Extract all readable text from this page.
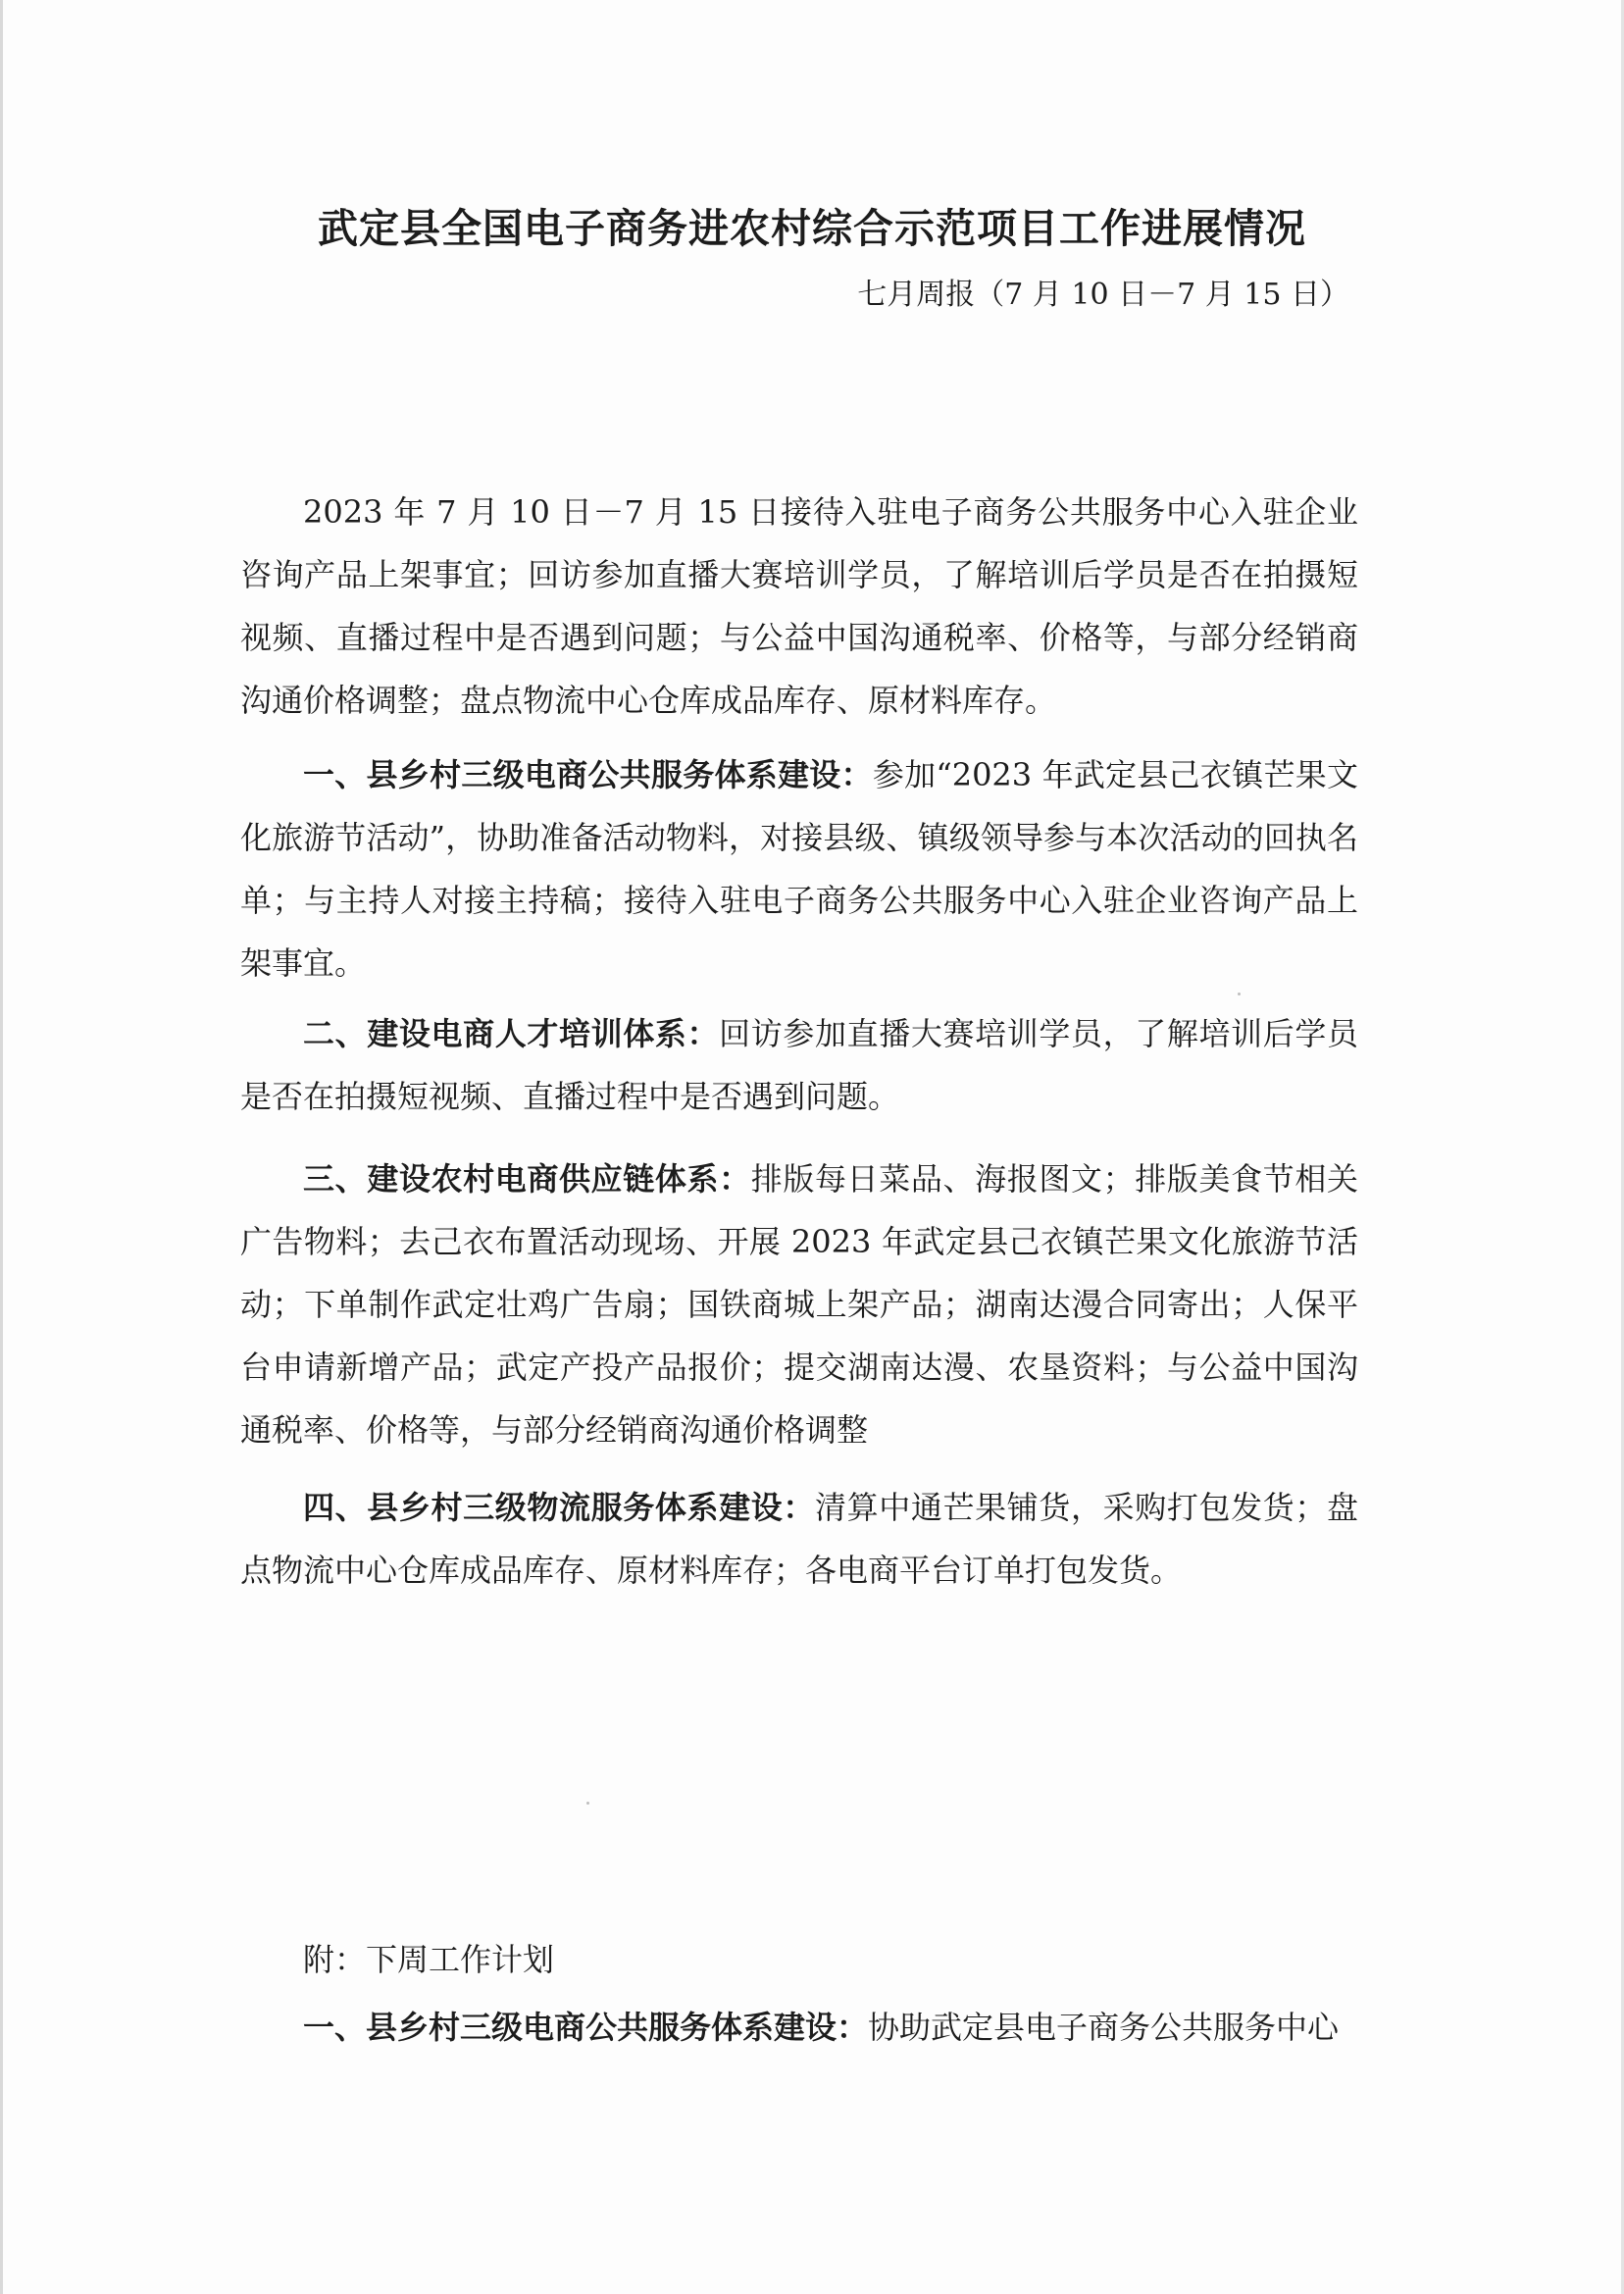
武定县全国电子商务进农村综合示范项目工作进展情况

七月周报（7 月 10 日－7 月 15 日）

2023 年 7 月 10 日－7 月 15 日接待入驻电子商务公共服务中心入驻企业咨询产品上架事宜；回访参加直播大赛培训学员，了解培训后学员是否在拍摄短视频、直播过程中是否遇到问题；与公益中国沟通税率、价格等，与部分经销商沟通价格调整；盘点物流中心仓库成品库存、原材料库存。

一、县乡村三级电商公共服务体系建设：参加“2023 年武定县己衣镇芒果文化旅游节活动”，协助准备活动物料，对接县级、镇级领导参与本次活动的回执名单；与主持人对接主持稿；接待入驻电子商务公共服务中心入驻企业咨询产品上架事宜。

二、建设电商人才培训体系：回访参加直播大赛培训学员，了解培训后学员是否在拍摄短视频、直播过程中是否遇到问题。

三、建设农村电商供应链体系：排版每日菜品、海报图文；排版美食节相关广告物料；去己衣布置活动现场、开展 2023 年武定县己衣镇芒果文化旅游节活动；下单制作武定壮鸡广告扇；国铁商城上架产品；湖南达漫合同寄出；人保平台申请新增产品；武定产投产品报价；提交湖南达漫、农垦资料；与公益中国沟通税率、价格等，与部分经销商沟通价格调整

四、县乡村三级物流服务体系建设：清算中通芒果铺货，采购打包发货；盘点物流中心仓库成品库存、原材料库存；各电商平台订单打包发货。

附：下周工作计划

一、县乡村三级电商公共服务体系建设：协助武定县电子商务公共服务中心
